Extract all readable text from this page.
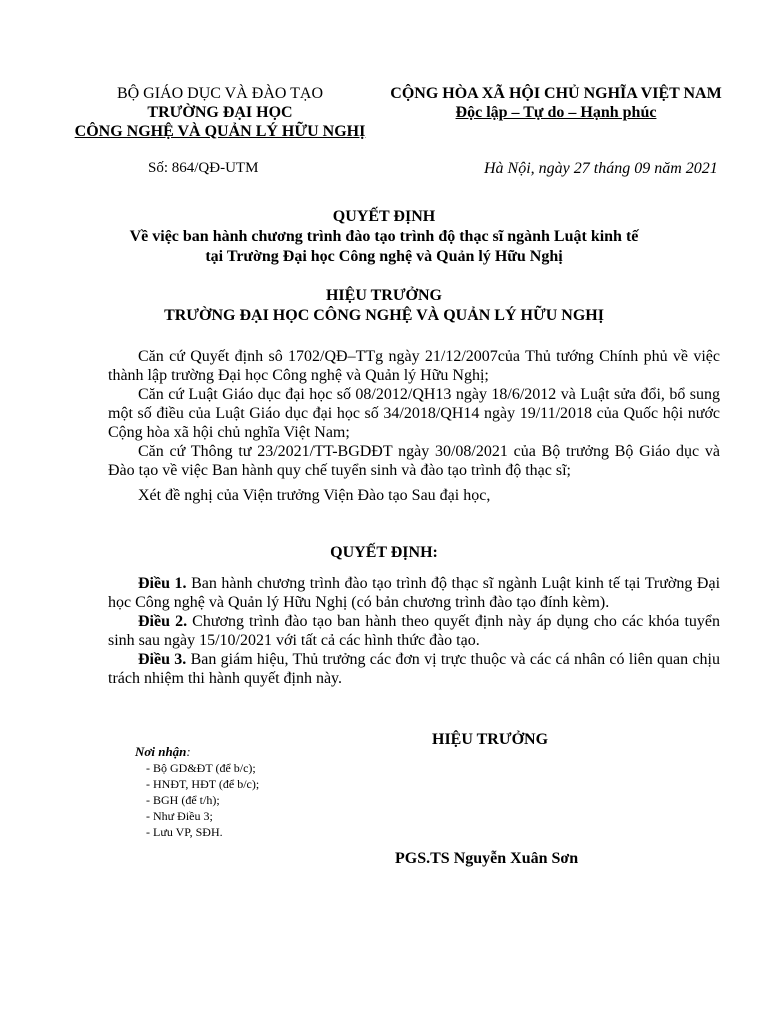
BỘ GIÁO DỤC VÀ ĐÀO TẠO
TRƯỜNG ĐẠI HỌC
CÔNG NGHỆ VÀ QUẢN LÝ HỮU NGHỊ
CỘNG HÒA XÃ HỘI CHỦ NGHĨA VIỆT NAM
Độc lập – Tự do – Hạnh phúc
Số: 864/QĐ-UTM	Hà Nội, ngày 27 tháng 09 năm 2021
QUYẾT ĐỊNH
Về việc ban hành chương trình đào tạo trình độ thạc sĩ ngành Luật kinh tế
tại Trường Đại học Công nghệ và Quản lý Hữu Nghị
HIỆU TRƯỞNG
TRƯỜNG ĐẠI HỌC CÔNG NGHỆ VÀ QUẢN LÝ HỮU NGHỊ

Căn cứ Quyết định sô 1702/QĐ–TTg ngày 21/12/2007của Thủ tướng Chính phủ về việc thành lập trường Đại học Công nghệ và Quản lý Hữu Nghị;

Căn cứ Luật Giáo dục đại học số 08/2012/QH13 ngày 18/6/2012 và Luật sửa đổi, bổ sung một số điều của Luật Giáo dục đại học số 34/2018/QH14 ngày 19/11/2018 của Quốc hội nước Cộng hòa xã hội chủ nghĩa Việt Nam;

Căn cứ Thông tư 23/2021/TT-BGDĐT ngày 30/08/2021 của Bộ trưởng Bộ Giáo dục và Đào tạo về việc Ban hành quy chế tuyển sinh và đào tạo trình độ thạc sĩ;

Xét đề nghị của Viện trưởng Viện Đào tạo Sau đại học,

QUYẾT ĐỊNH:

Điều 1. Ban hành chương trình đào tạo trình độ thạc sĩ ngành Luật kinh tế tại Trường Đại học Công nghệ và Quản lý Hữu Nghị (có bản chương trình đào tạo đính kèm).

Điều 2. Chương trình đào tạo ban hành theo quyết định này áp dụng cho các khóa tuyển sinh sau ngày 15/10/2021 với tất cả các hình thức đào tạo.

Điều 3. Ban giám hiệu, Thủ trưởng các đơn vị trực thuộc và các cá nhân có liên quan chịu trách nhiệm thi hành quyết định này.

Nơi nhận:
- Bộ GD&ĐT (để b/c);
- HNĐT, HĐT (để b/c);
- BGH (để t/h);
- Như Điều 3;
- Lưu VP, SĐH.
HIỆU TRƯỞNG
PGS.TS Nguyễn Xuân Sơn
